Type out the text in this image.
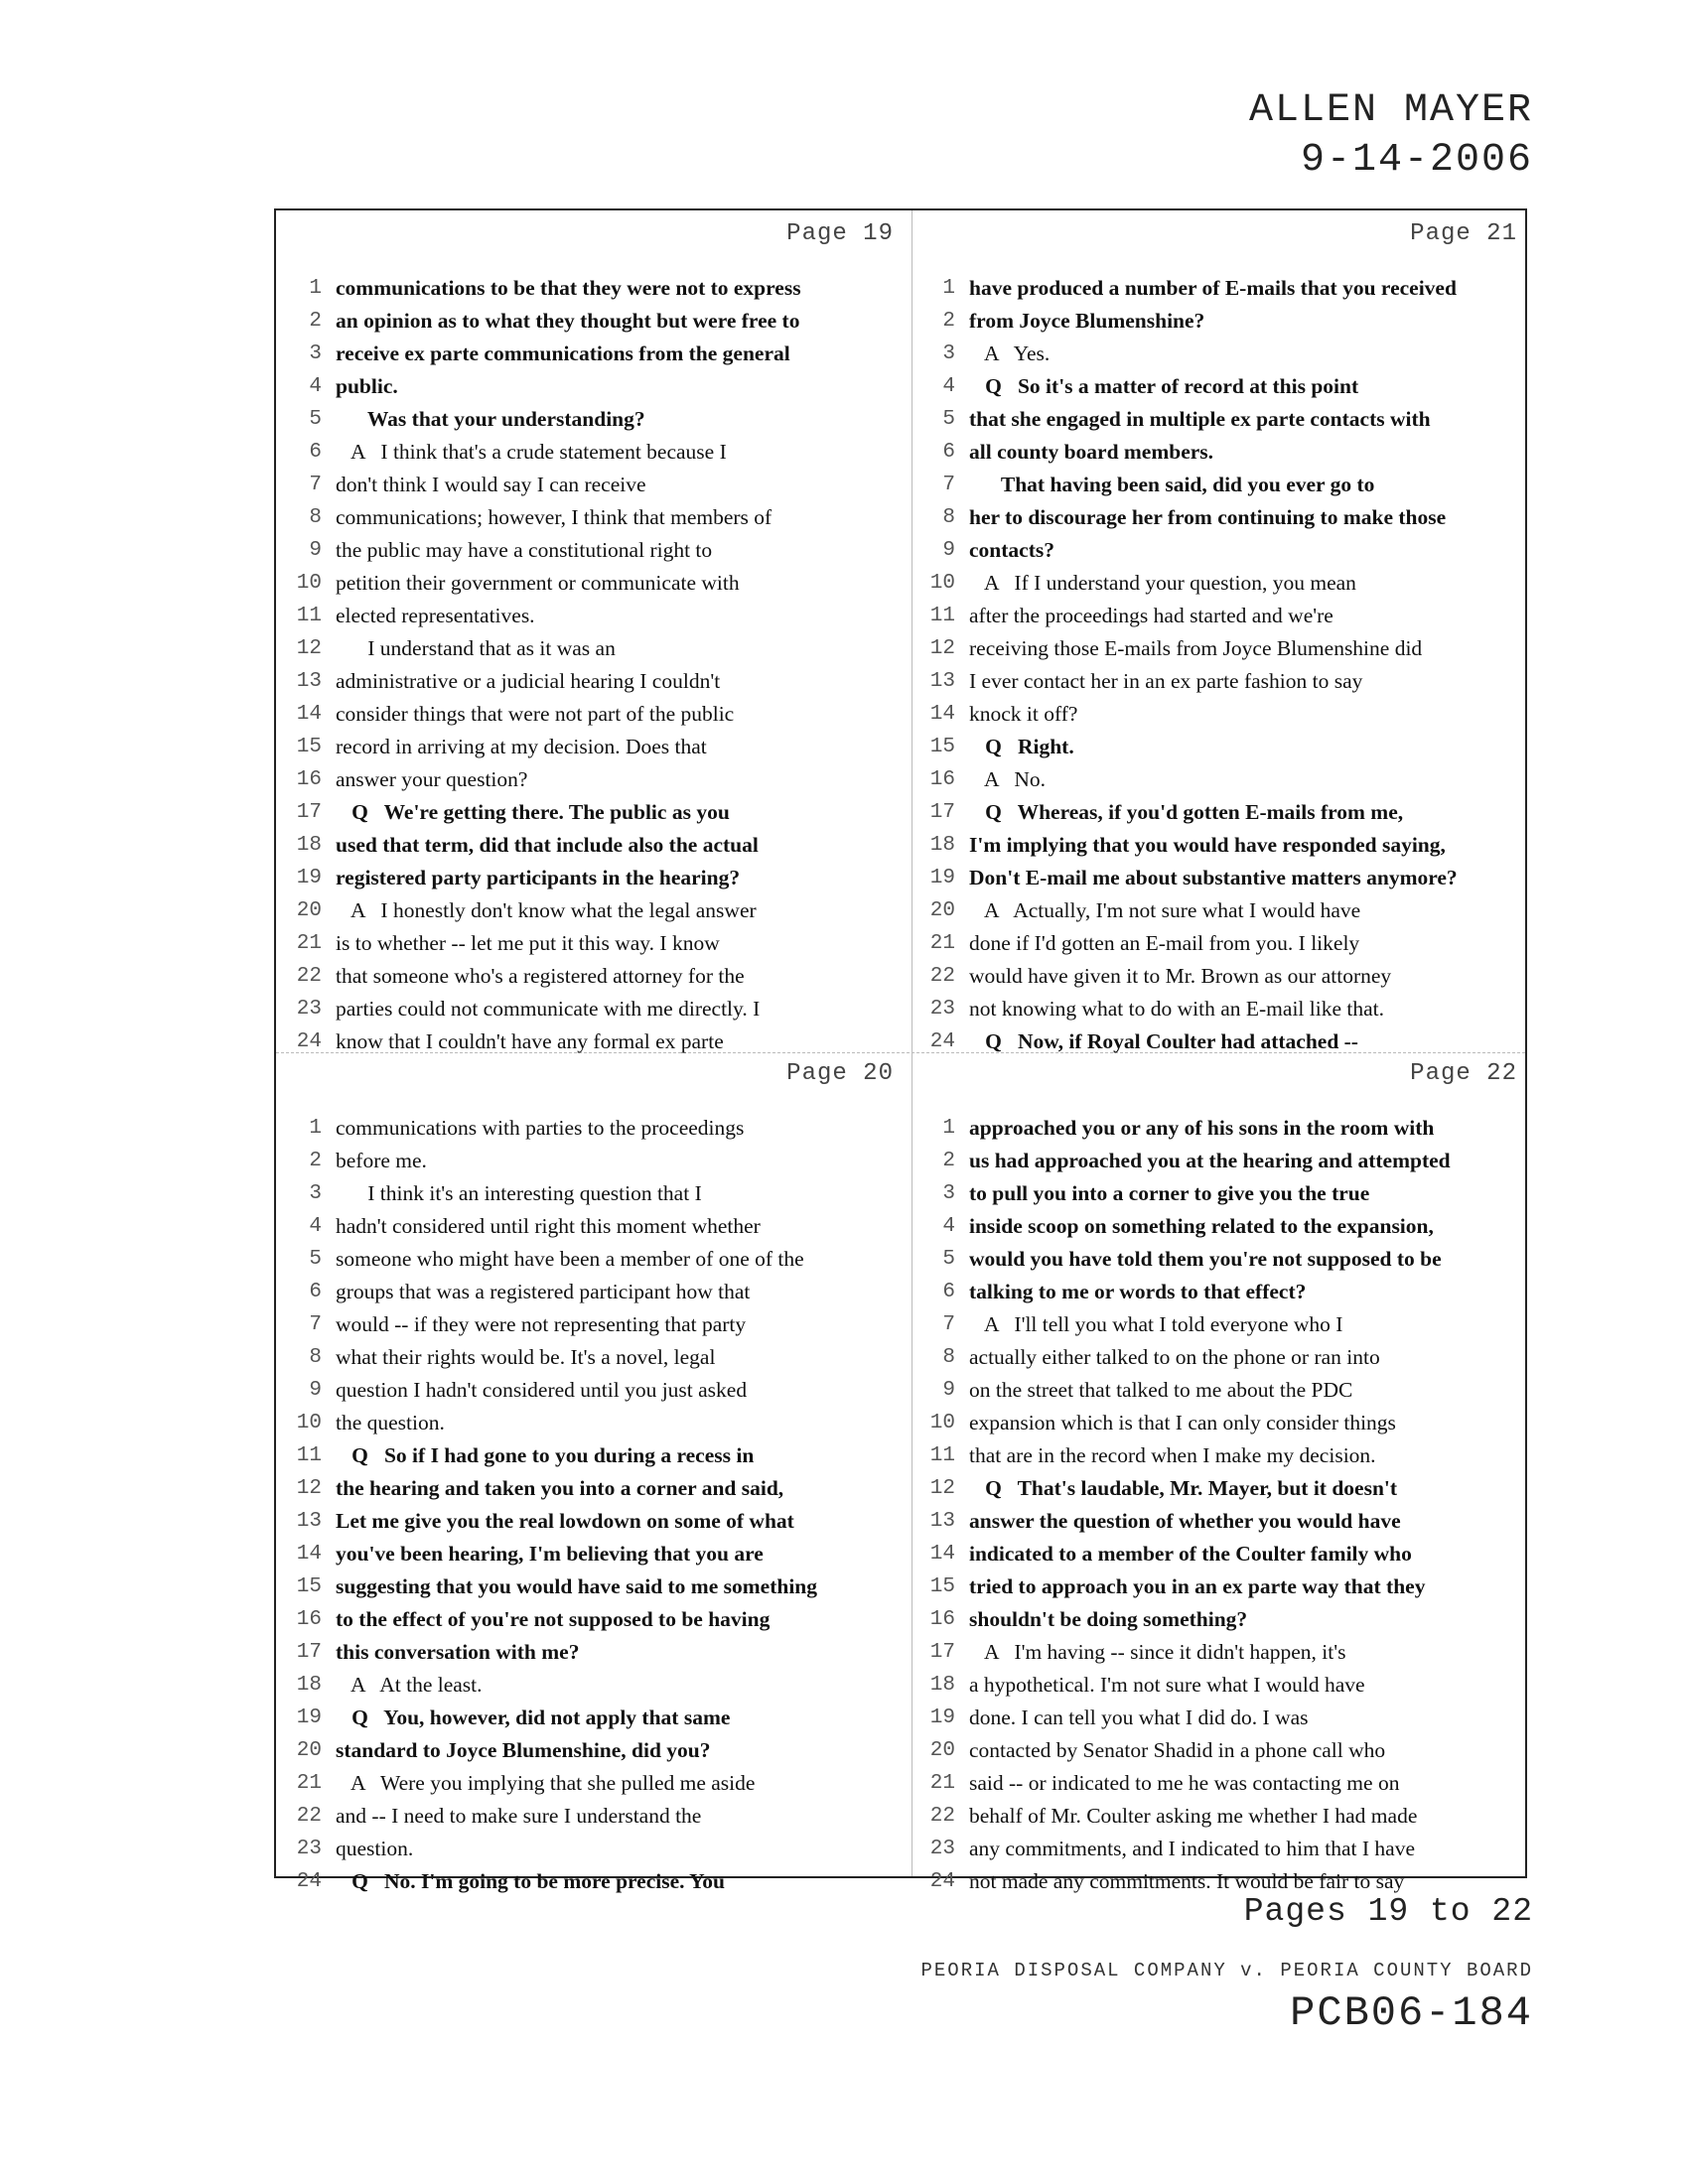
ALLEN MAYER
9-14-2006
Page 19
1 communications to be that they were not to express
2 an opinion as to what they thought but were free to
3 receive ex parte communications from the general
4 public.
5 Was that your understanding?
6 A   I think that's a crude statement because I
7 don't think I would say I can receive
8 communications; however, I think that members of
9 the public may have a constitutional right to
10 petition their government or communicate with
11 elected representatives.
12 I understand that as it was an
13 administrative or a judicial hearing I couldn't
14 consider things that were not part of the public
15 record in arriving at my decision. Does that
16 answer your question?
17 Q   We're getting there. The public as you
18 used that term, did that include also the actual
19 registered party participants in the hearing?
20 A   I honestly don't know what the legal answer
21 is to whether -- let me put it this way. I know
22 that someone who's a registered attorney for the
23 parties could not communicate with me directly. I
24 know that I couldn't have any formal ex parte
Page 21
1 have produced a number of E-mails that you received
2 from Joyce Blumenshine?
3 A   Yes.
4 Q   So it's a matter of record at this point
5 that she engaged in multiple ex parte contacts with
6 all county board members.
7 That having been said, did you ever go to
8 her to discourage her from continuing to make those
9 contacts?
10 A   If I understand your question, you mean
11 after the proceedings had started and we're
12 receiving those E-mails from Joyce Blumenshine did
13 I ever contact her in an ex parte fashion to say
14 knock it off?
15 Q   Right.
16 A   No.
17 Q   Whereas, if you'd gotten E-mails from me,
18 I'm implying that you would have responded saying,
19 Don't E-mail me about substantive matters anymore?
20 A   Actually, I'm not sure what I would have
21 done if I'd gotten an E-mail from you. I likely
22 would have given it to Mr. Brown as our attorney
23 not knowing what to do with an E-mail like that.
24 Q   Now, if Royal Coulter had attached --
Page 20
1 communications with parties to the proceedings
2 before me.
3 I think it's an interesting question that I
4 hadn't considered until right this moment whether
5 someone who might have been a member of one of the
6 groups that was a registered participant how that
7 would -- if they were not representing that party
8 what their rights would be. It's a novel, legal
9 question I hadn't considered until you just asked
10 the question.
11 Q   So if I had gone to you during a recess in
12 the hearing and taken you into a corner and said,
13 Let me give you the real lowdown on some of what
14 you've been hearing, I'm believing that you are
15 suggesting that you would have said to me something
16 to the effect of you're not supposed to be having
17 this conversation with me?
18 A   At the least.
19 Q   You, however, did not apply that same
20 standard to Joyce Blumenshine, did you?
21 A   Were you implying that she pulled me aside
22 and -- I need to make sure I understand the
23 question.
24 Q   No. I'm going to be more precise. You
Page 22
1 approached you or any of his sons in the room with
2 us had approached you at the hearing and attempted
3 to pull you into a corner to give you the true
4 inside scoop on something related to the expansion,
5 would you have told them you're not supposed to be
6 talking to me or words to that effect?
7 A   I'll tell you what I told everyone who I
8 actually either talked to on the phone or ran into
9 on the street that talked to me about the PDC
10 expansion which is that I can only consider things
11 that are in the record when I make my decision.
12 Q   That's laudable, Mr. Mayer, but it doesn't
13 answer the question of whether you would have
14 indicated to a member of the Coulter family who
15 tried to approach you in an ex parte way that they
16 shouldn't be doing something?
17 A   I'm having -- since it didn't happen, it's
18 a hypothetical. I'm not sure what I would have
19 done. I can tell you what I did do. I was
20 contacted by Senator Shadid in a phone call who
21 said -- or indicated to me he was contacting me on
22 behalf of Mr. Coulter asking me whether I had made
23 any commitments, and I indicated to him that I have
24 not made any commitments. It would be fair to say
Pages 19 to 22
PEORIA DISPOSAL COMPANY v. PEORIA COUNTY BOARD
PCB06-184
